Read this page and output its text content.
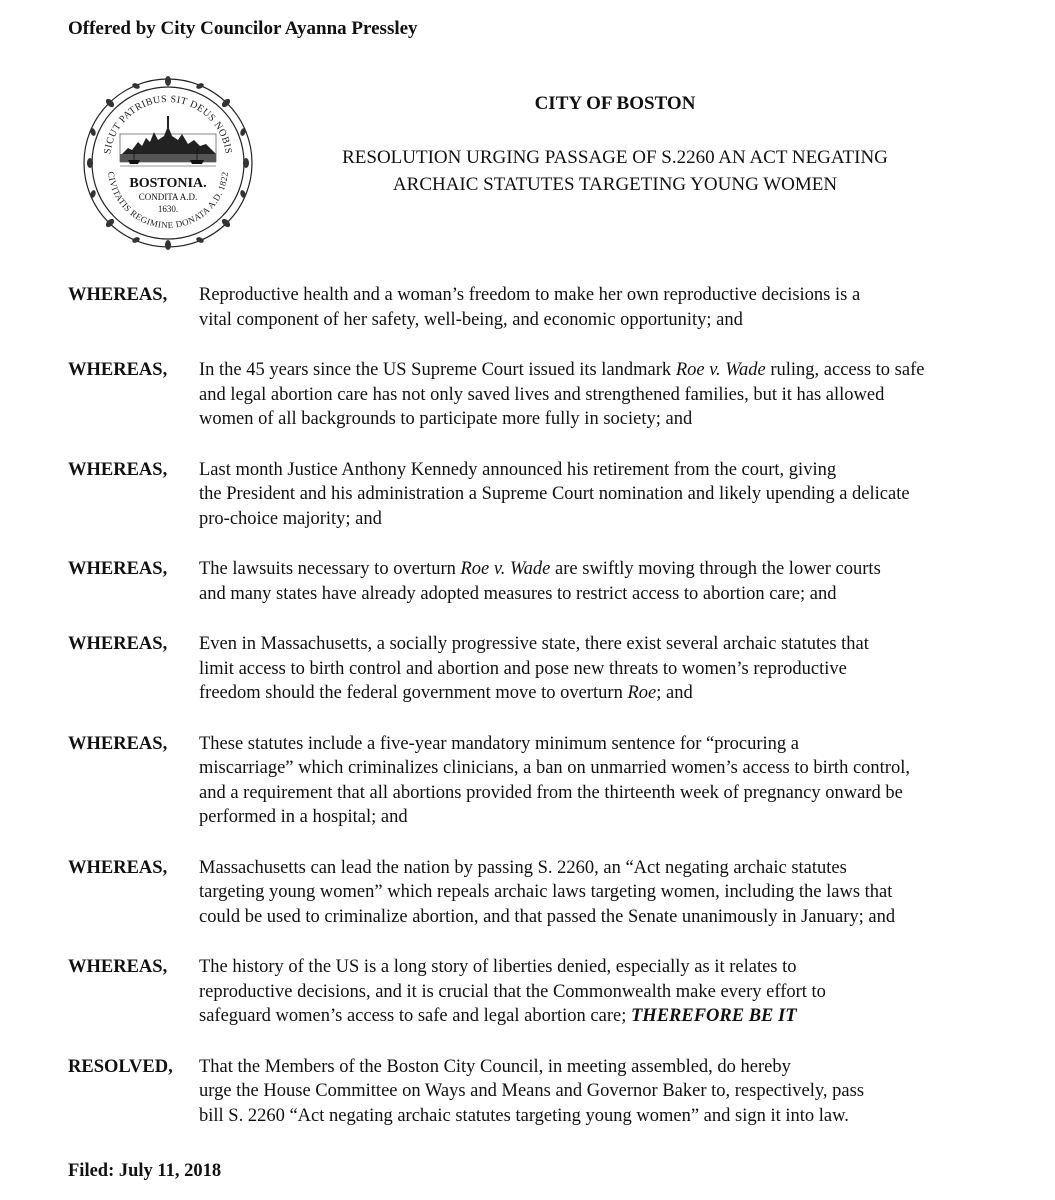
Offered by City Councilor Ayanna Pressley
SICUT PATRIBUS SIT DEUS NOBIS
CIVITATIS REGIMINE DONATA A.D. 1822
BOSTONIA.
CONDITA A.D.
1630.
CITY OF BOSTON
RESOLUTION URGING PASSAGE OF S.2260 AN ACT NEGATING
ARCHAIC STATUTES TARGETING YOUNG WOMEN
WHEREAS,	Reproductive health and a woman’s freedom to make her own reproductive decisions is a
vital component of her safety, well-being, and economic opportunity; and
WHEREAS,	In the 45 years since the US Supreme Court issued its landmark Roe v. Wade ruling, access to safe
and legal abortion care has not only saved lives and strengthened families, but it has allowed
women of all backgrounds to participate more fully in society; and
WHEREAS,	Last month Justice Anthony Kennedy announced his retirement from the court, giving
the President and his administration a Supreme Court nomination and likely upending a delicate
pro-choice majority; and
WHEREAS,	The lawsuits necessary to overturn Roe v. Wade are swiftly moving through the lower courts
and many states have already adopted measures to restrict access to abortion care; and
WHEREAS,	Even in Massachusetts, a socially progressive state, there exist several archaic statutes that
limit access to birth control and abortion and pose new threats to women’s reproductive
freedom should the federal government move to overturn Roe; and
WHEREAS,	These statutes include a five-year mandatory minimum sentence for “procuring a
miscarriage” which criminalizes clinicians, a ban on unmarried women’s access to birth control,
and a requirement that all abortions provided from the thirteenth week of pregnancy onward be
performed in a hospital; and
WHEREAS,	Massachusetts can lead the nation by passing S. 2260, an “Act negating archaic statutes
targeting young women” which repeals archaic laws targeting women, including the laws that
could be used to criminalize abortion, and that passed the Senate unanimously in January; and
WHEREAS,	The history of the US is a long story of liberties denied, especially as it relates to
reproductive decisions, and it is crucial that the Commonwealth make every effort to
safeguard women’s access to safe and legal abortion care; THEREFORE BE IT
RESOLVED,	That the Members of the Boston City Council, in meeting assembled, do hereby
urge the House Committee on Ways and Means and Governor Baker to, respectively, pass
bill S. 2260 “Act negating archaic statutes targeting young women” and sign it into law.
Filed: July 11, 2018
